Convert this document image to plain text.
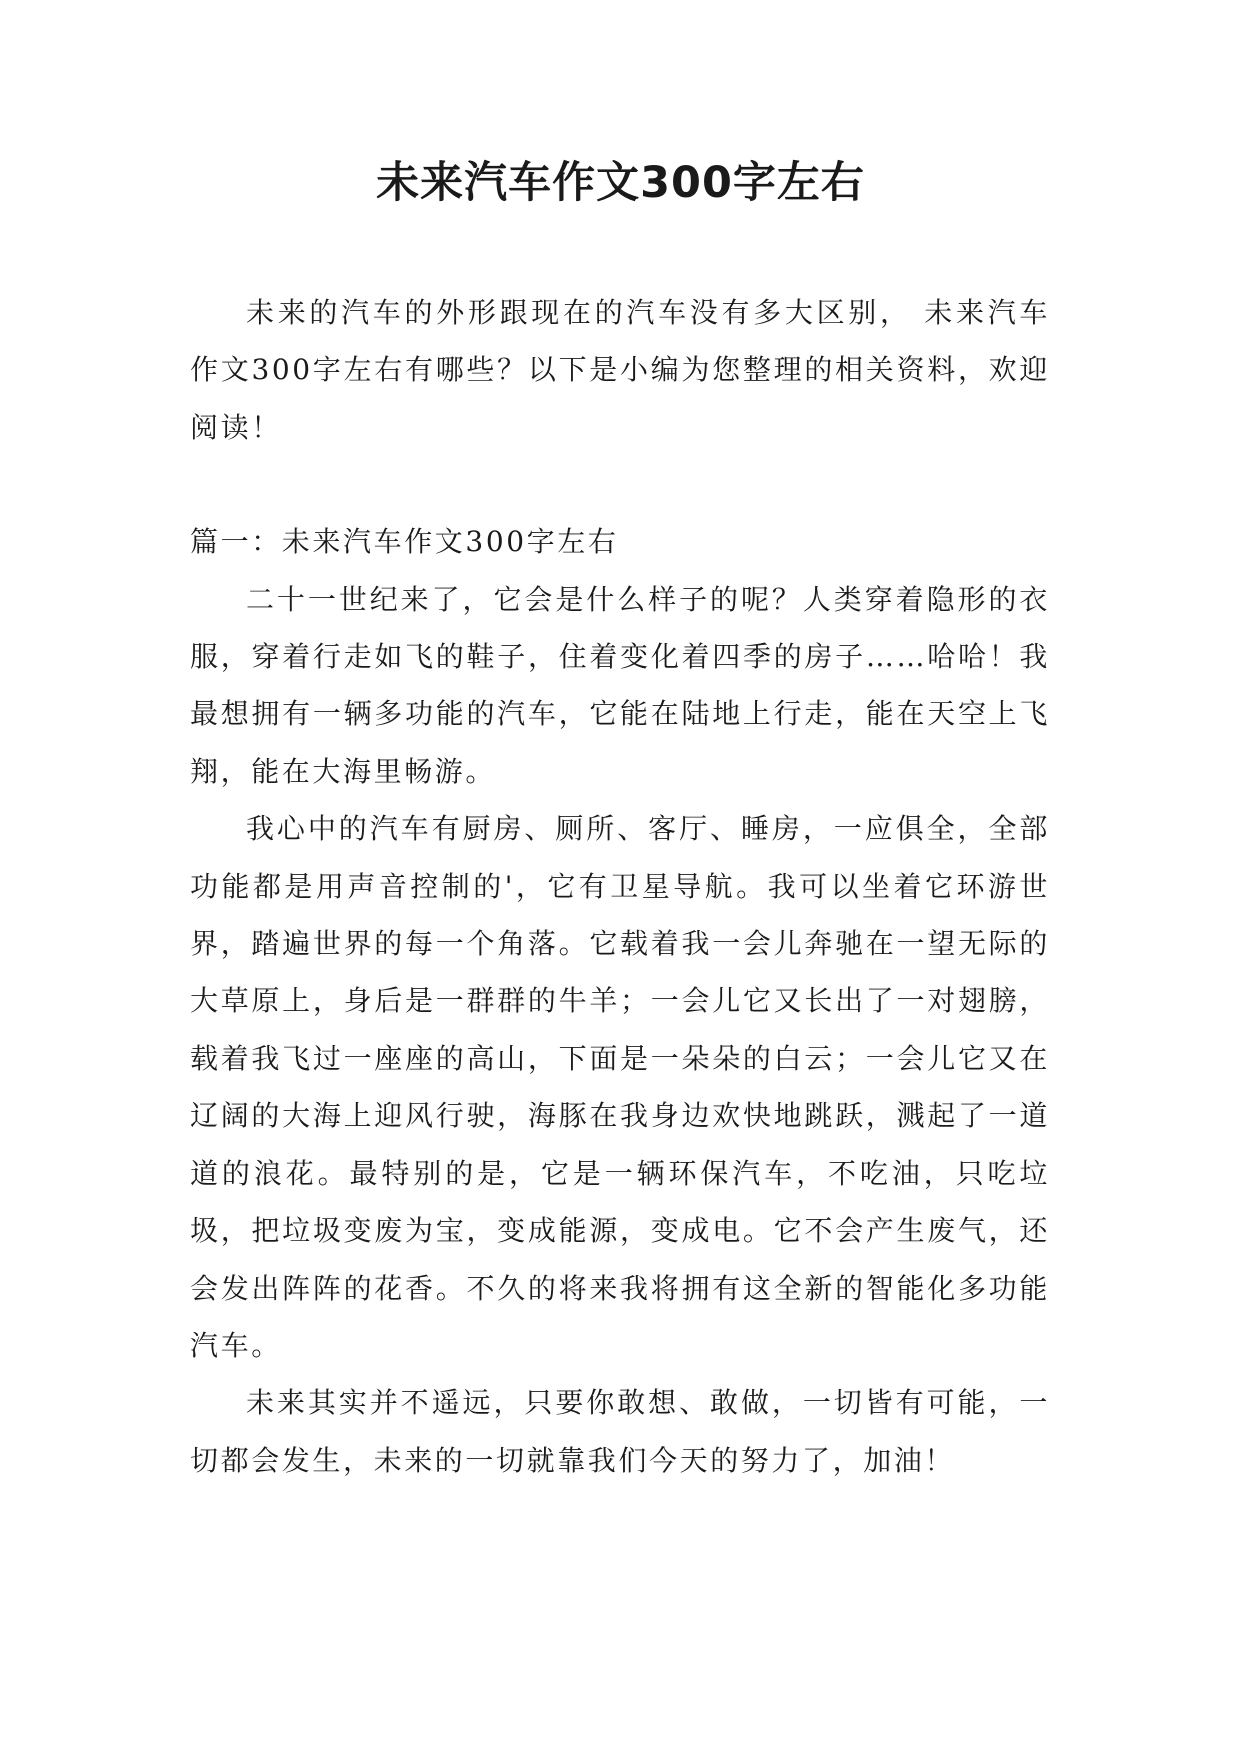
未来汽车作文300字左右

未来的汽车的外形跟现在的汽车没有多大区别， 未来汽车作文300字左右有哪些？以下是小编为您整理的相关资料，欢迎阅读！

篇一：未来汽车作文300字左右

二十一世纪来了，它会是什么样子的呢？人类穿着隐形的衣服，穿着行走如飞的鞋子，住着变化着四季的房子……哈哈！我最想拥有一辆多功能的汽车，它能在陆地上行走，能在天空上飞翔，能在大海里畅游。

我心中的汽车有厨房、厕所、客厅、睡房，一应俱全，全部功能都是用声音控制的'，它有卫星导航。我可以坐着它环游世界，踏遍世界的每一个角落。它载着我一会儿奔驰在一望无际的大草原上，身后是一群群的牛羊；一会儿它又长出了一对翅膀，载着我飞过一座座的高山，下面是一朵朵的白云；一会儿它又在辽阔的大海上迎风行驶，海豚在我身边欢快地跳跃，溅起了一道道的浪花。最特别的是，它是一辆环保汽车，不吃油，只吃垃圾，把垃圾变废为宝，变成能源，变成电。它不会产生废气，还会发出阵阵的花香。不久的将来我将拥有这全新的智能化多功能汽车。

未来其实并不遥远，只要你敢想、敢做，一切皆有可能，一切都会发生，未来的一切就靠我们今天的努力了，加油！
